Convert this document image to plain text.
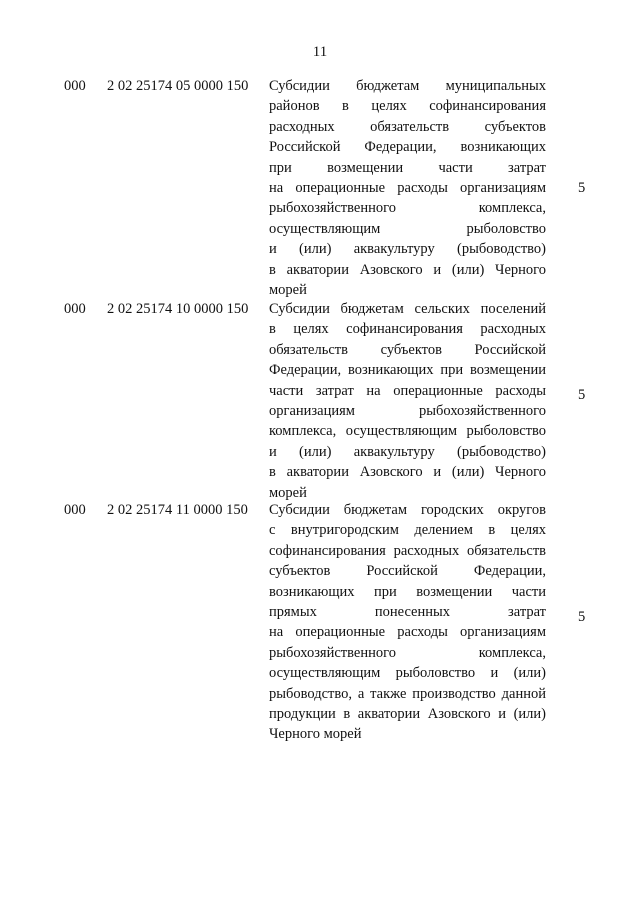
11
000 2 02 25174 05 0000 150 Субсидии бюджетам муниципальных
районов в целях софинансирования
расходных обязательств субъектов
Российской Федерации, возникающих
при возмещении части затрат
на операционные расходы организациям
рыбохозяйственного комплекса,
осуществляющим рыболовство
и (или) аквакультуру (рыбоводство)
в акватории Азовского и (или) Черного
морей
5
000 2 02 25174 10 0000 150 Субсидии бюджетам сельских поселений
в целях софинансирования расходных
обязательств субъектов Российской
Федерации, возникающих при возмещении
части затрат на операционные расходы
организациям рыбохозяйственного
комплекса, осуществляющим рыболовство
и (или) аквакультуру (рыбоводство)
в акватории Азовского и (или) Черного
морей
5
000 2 02 25174 11 0000 150 Субсидии бюджетам городских округов
с внутригородским делением в целях
софинансирования расходных обязательств
субъектов Российской Федерации,
возникающих при возмещении части
прямых понесенных затрат
на операционные расходы организациям
рыбохозяйственного комплекса,
осуществляющим рыболовство и (или)
рыбоводство, а также производство данной
продукции в акватории Азовского и (или)
Черного морей
5
